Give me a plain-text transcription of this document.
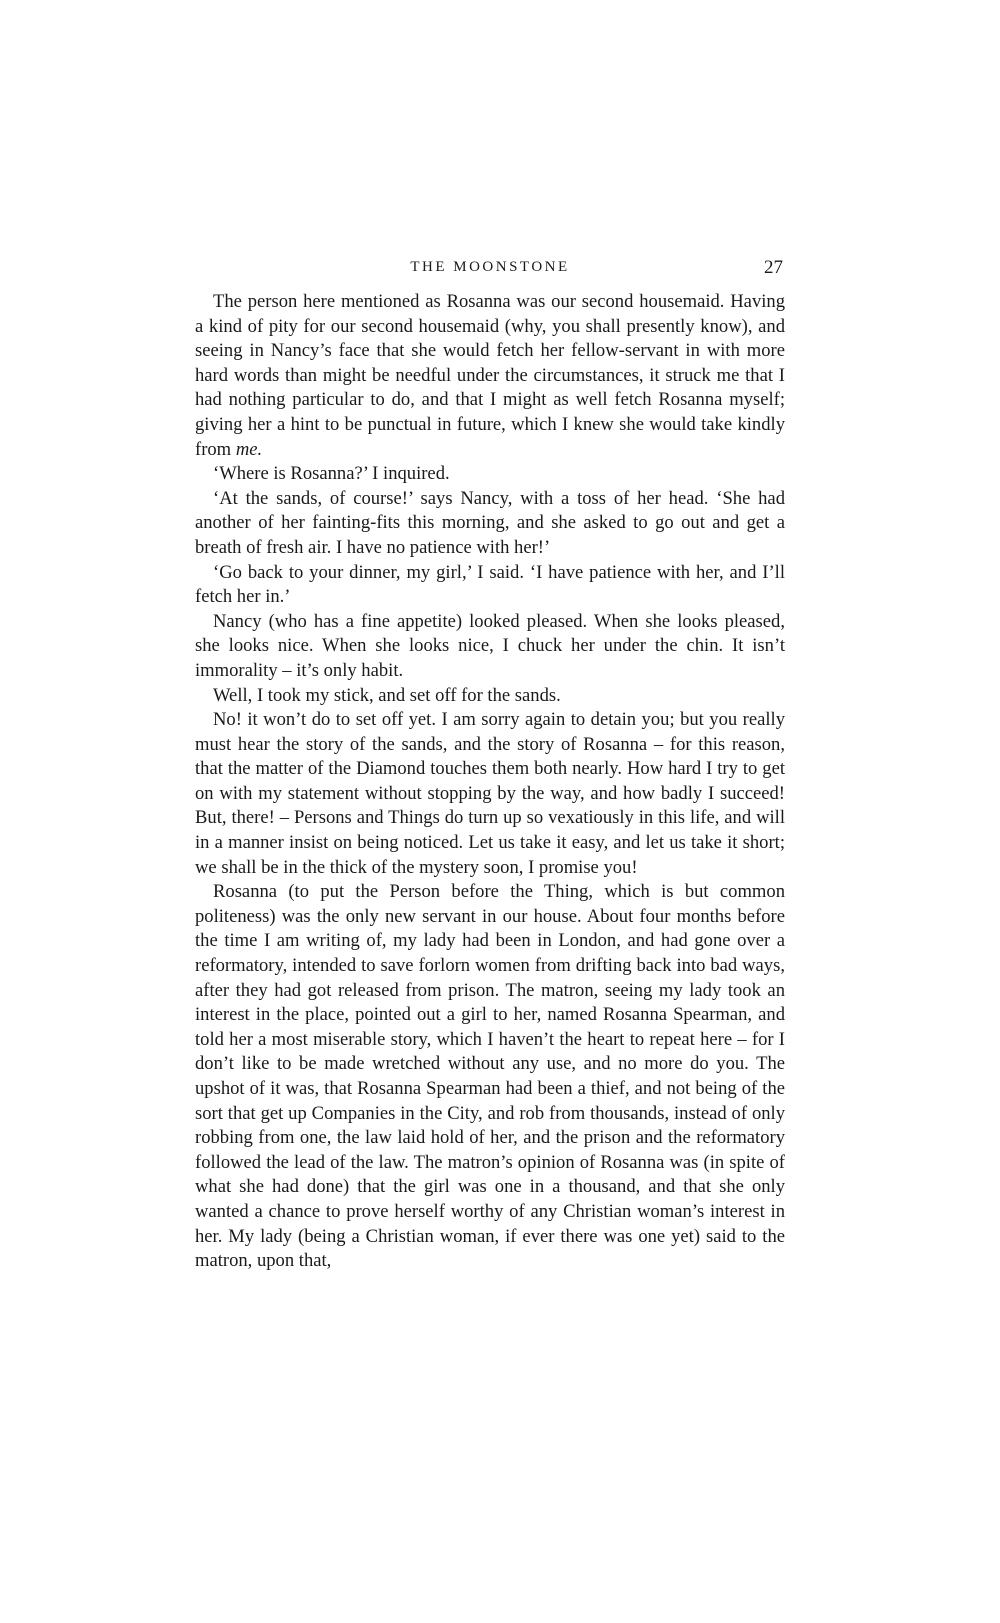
THE MOONSTONE	27

The person here mentioned as Rosanna was our second housemaid. Having a kind of pity for our second housemaid (why, you shall presently know), and seeing in Nancy’s face that she would fetch her fellow-servant in with more hard words than might be needful under the circumstances, it struck me that I had nothing particular to do, and that I might as well fetch Rosanna myself; giving her a hint to be punctual in future, which I knew she would take kindly from me.

‘Where is Rosanna?’ I inquired.

‘At the sands, of course!’ says Nancy, with a toss of her head. ‘She had another of her fainting-fits this morning, and she asked to go out and get a breath of fresh air. I have no patience with her!’

‘Go back to your dinner, my girl,’ I said. ‘I have patience with her, and I’ll fetch her in.’

Nancy (who has a fine appetite) looked pleased. When she looks pleased, she looks nice. When she looks nice, I chuck her under the chin. It isn’t immorality – it’s only habit.

Well, I took my stick, and set off for the sands.

No! it won’t do to set off yet. I am sorry again to detain you; but you really must hear the story of the sands, and the story of Rosanna – for this reason, that the matter of the Diamond touches them both nearly. How hard I try to get on with my statement without stopping by the way, and how badly I succeed! But, there! – Persons and Things do turn up so vexatiously in this life, and will in a manner insist on being noticed. Let us take it easy, and let us take it short; we shall be in the thick of the mystery soon, I promise you!

Rosanna (to put the Person before the Thing, which is but common politeness) was the only new servant in our house. About four months before the time I am writing of, my lady had been in London, and had gone over a reformatory, intended to save forlorn women from drifting back into bad ways, after they had got released from prison. The matron, seeing my lady took an interest in the place, pointed out a girl to her, named Rosanna Spearman, and told her a most miserable story, which I haven’t the heart to repeat here – for I don’t like to be made wretched without any use, and no more do you. The upshot of it was, that Rosanna Spearman had been a thief, and not being of the sort that get up Companies in the City, and rob from thousands, instead of only robbing from one, the law laid hold of her, and the prison and the reformatory followed the lead of the law. The matron’s opinion of Rosanna was (in spite of what she had done) that the girl was one in a thousand, and that she only wanted a chance to prove herself worthy of any Christian woman’s interest in her. My lady (being a Christian woman, if ever there was one yet) said to the matron, upon that,
